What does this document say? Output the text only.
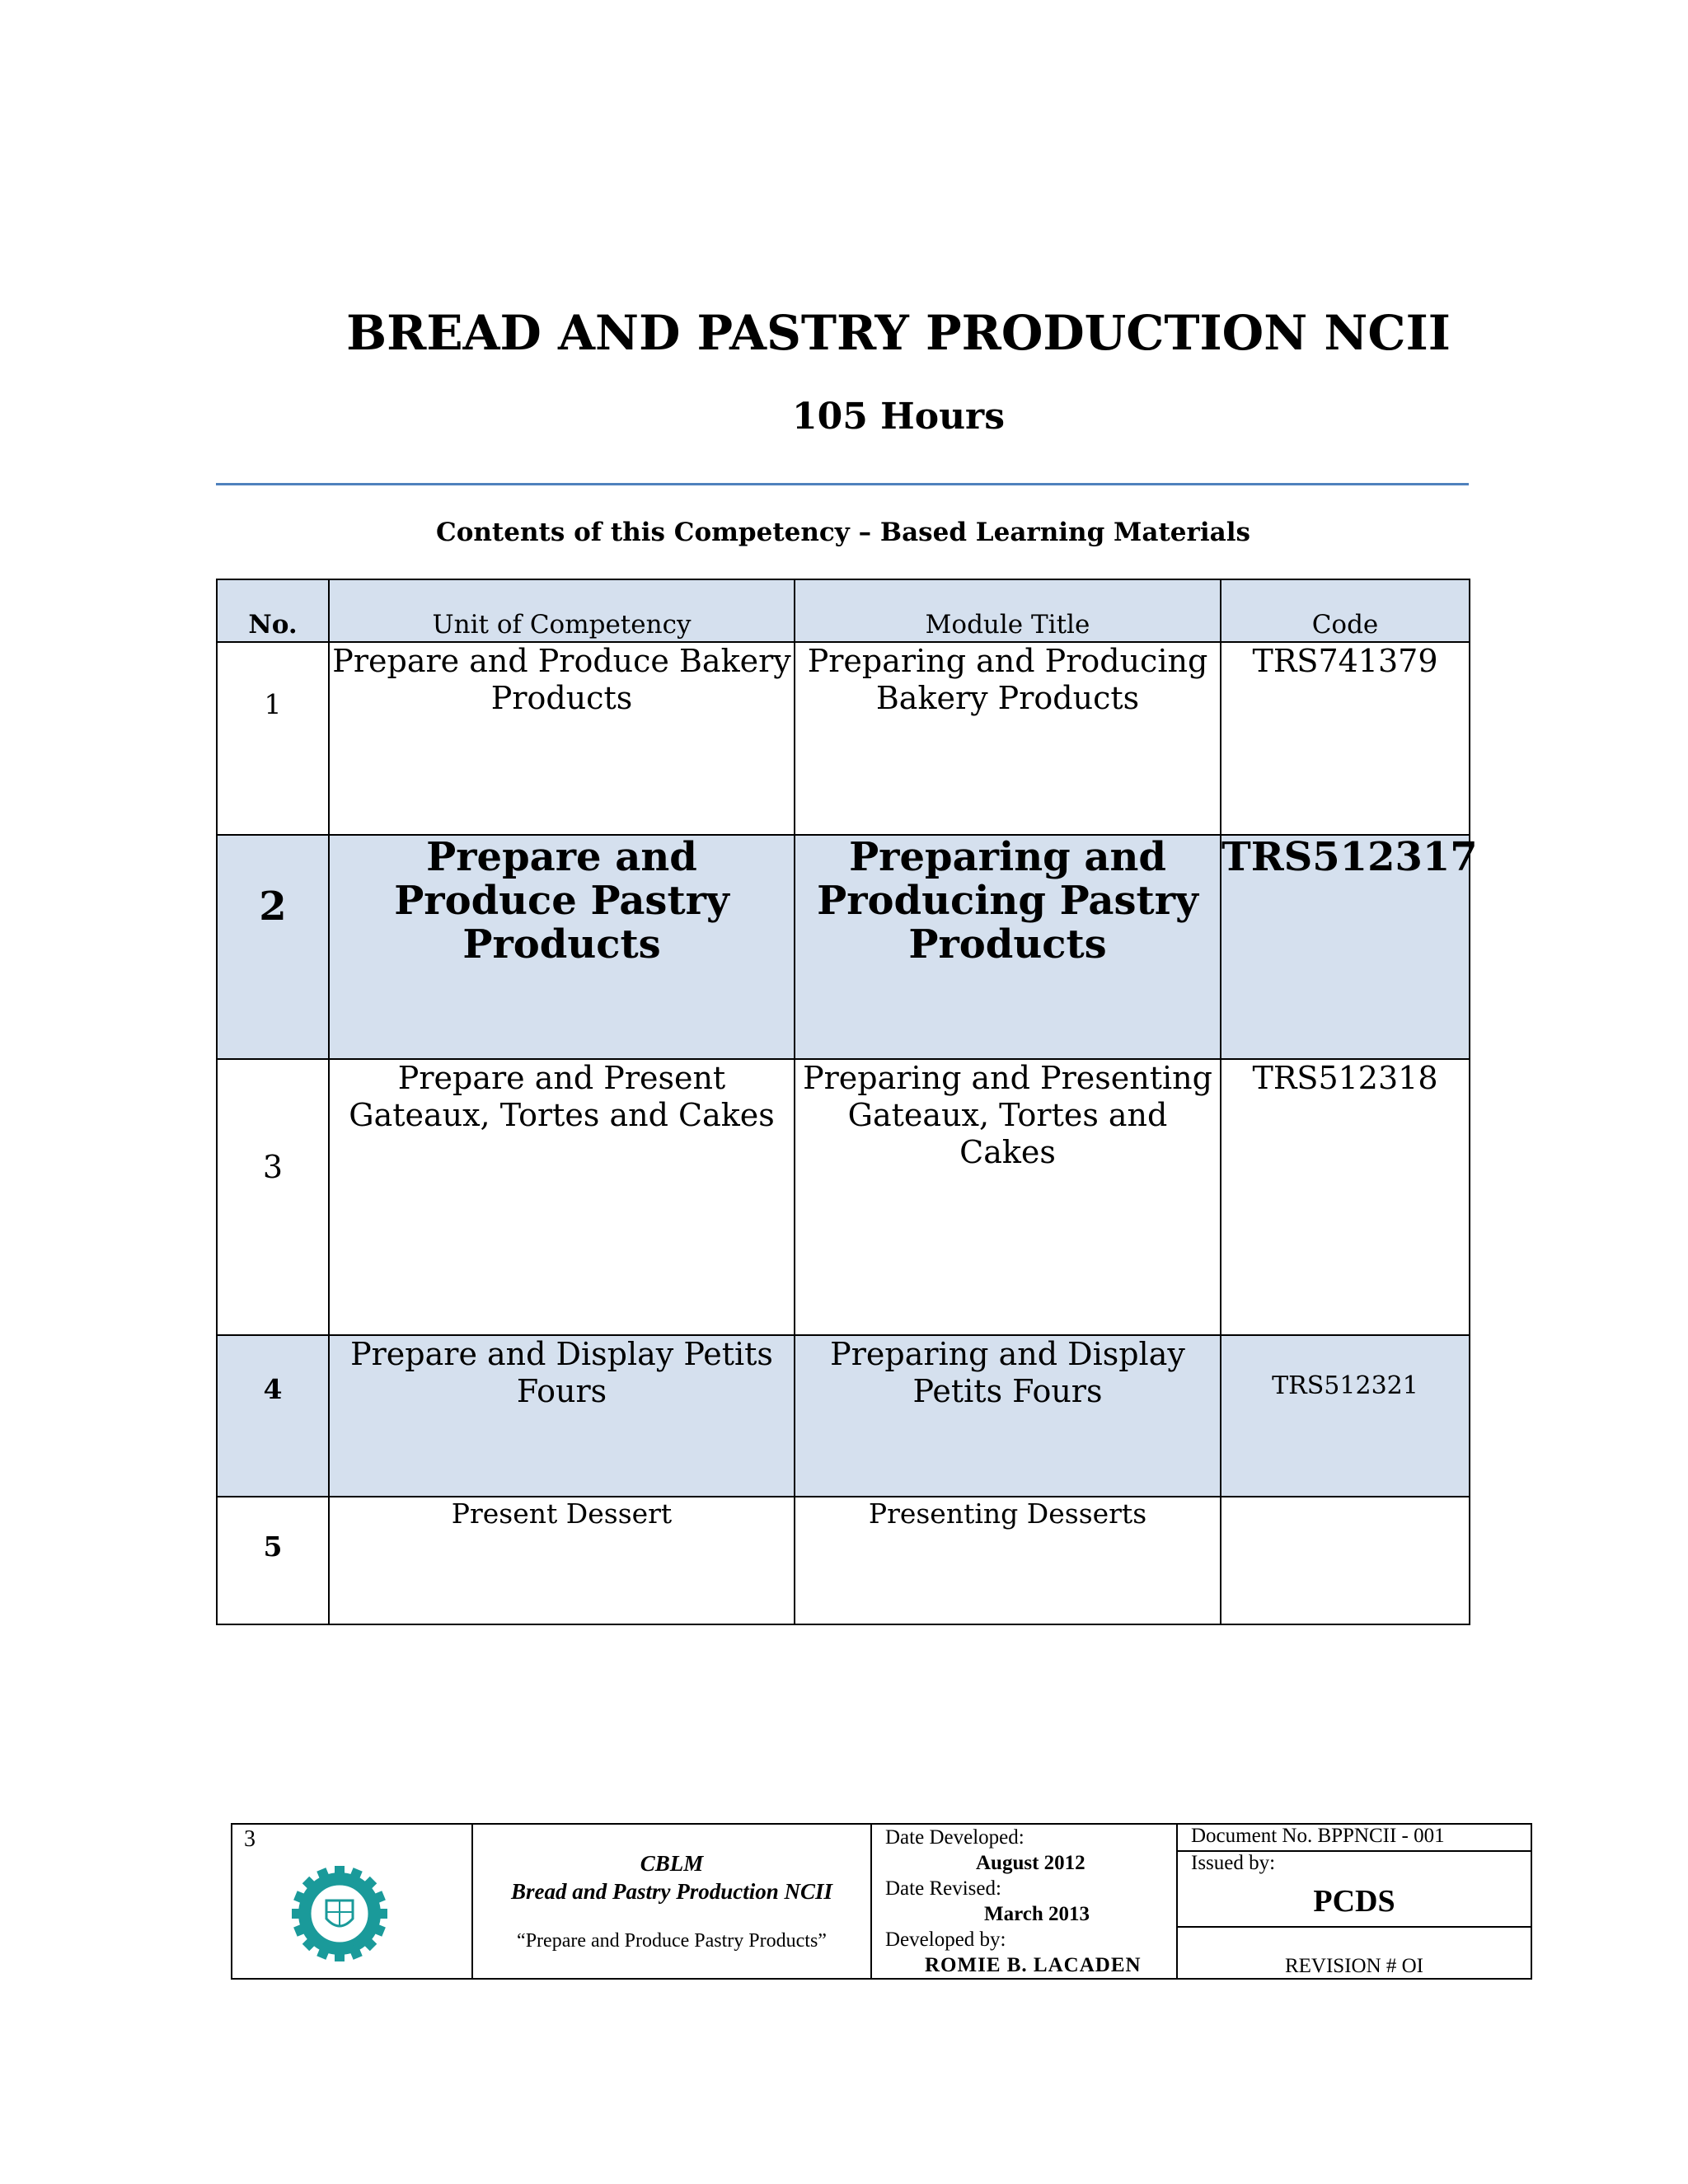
BREAD AND PASTRY PRODUCTION NCII
105 Hours
Contents of this Competency – Based Learning Materials
No.	Unit of Competency	Module Title	Code
1	Prepare and Produce Bakery Products	Preparing and Producing Bakery Products	TRS741379
2	Prepare and Produce Pastry Products	Preparing and Producing Pastry Products	TRS512317
3	Prepare and Present Gateaux, Tortes and Cakes	Preparing and Presenting Gateaux, Tortes and Cakes	TRS512318
4	Prepare and Display Petits Fours	Preparing and Display Petits Fours	TRS512321
5	Present Dessert	Presenting Desserts	
3

CBLM
Bread and Pastry Production NCII
“Prepare and Produce Pastry Products”

Date Developed:
August 2012
Date Revised:
March 2013
Developed by:
ROMIE B. LACADEN
	Document No. BPPNCII - 001
Issued by:
PCDS

REVISION # OI
